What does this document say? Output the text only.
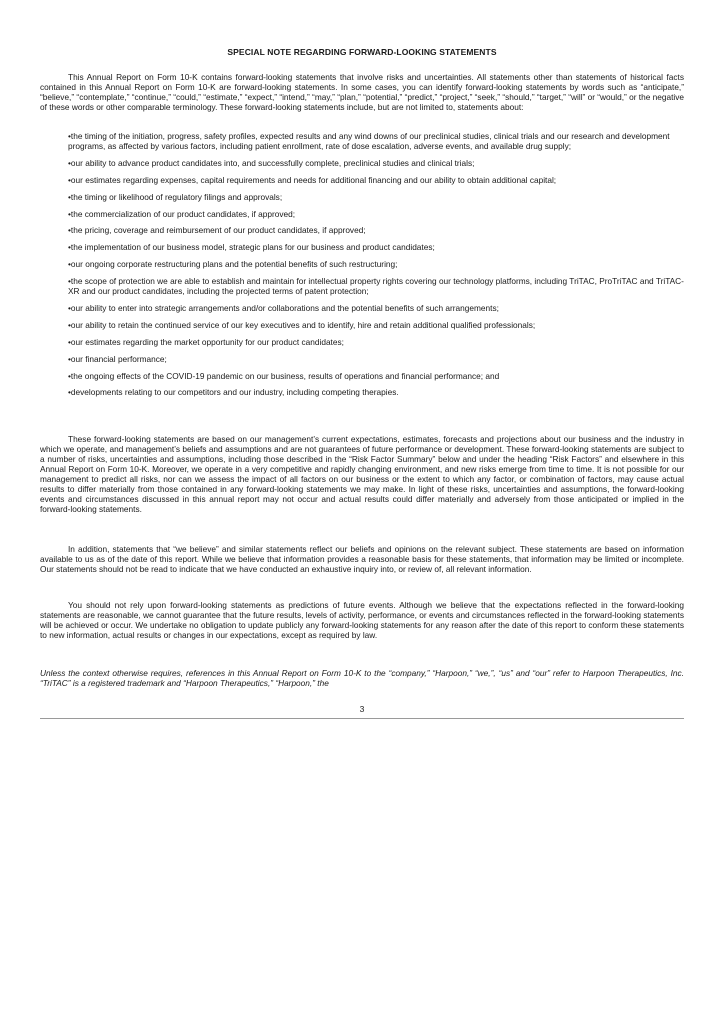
SPECIAL NOTE REGARDING FORWARD-LOOKING STATEMENTS

This Annual Report on Form 10-K contains forward-looking statements that involve risks and uncertainties. All statements other than statements of historical facts contained in this Annual Report on Form 10-K are forward-looking statements. In some cases, you can identify forward-looking statements by words such as “anticipate,” “believe,” “contemplate,” “continue,” “could,” “estimate,” “expect,” “intend,” “may,” “plan,” “potential,” “predict,” “project,” “seek,” “should,” “target,” “will” or “would,” or the negative of these words or other comparable terminology. These forward-looking statements include, but are not limited to, statements about:

•the timing of the initiation, progress, safety profiles, expected results and any wind downs of our preclinical studies, clinical trials and our research and development programs, as affected by various factors, including patient enrollment, rate of dose escalation, adverse events, and available drug supply;
•our ability to advance product candidates into, and successfully complete, preclinical studies and clinical trials;
•our estimates regarding expenses, capital requirements and needs for additional financing and our ability to obtain additional capital;
•the timing or likelihood of regulatory filings and approvals;
•the commercialization of our product candidates, if approved;
•the pricing, coverage and reimbursement of our product candidates, if approved;
•the implementation of our business model, strategic plans for our business and product candidates;
•our ongoing corporate restructuring plans and the potential benefits of such restructuring;
•the scope of protection we are able to establish and maintain for intellectual property rights covering our technology platforms, including TriTAC, ProTriTAC and TriTAC-XR and our product candidates, including the projected terms of patent protection;
•our ability to enter into strategic arrangements and/or collaborations and the potential benefits of such arrangements;
•our ability to retain the continued service of our key executives and to identify, hire and retain additional qualified professionals;
•our estimates regarding the market opportunity for our product candidates;
•our financial performance;
•the ongoing effects of the COVID-19 pandemic on our business, results of operations and financial performance; and
•developments relating to our competitors and our industry, including competing therapies.

These forward-looking statements are based on our management’s current expectations, estimates, forecasts and projections about our business and the industry in which we operate, and management’s beliefs and assumptions and are not guarantees of future performance or development. These forward-looking statements are subject to a number of risks, uncertainties and assumptions, including those described in the “Risk Factor Summary” below and under the heading “Risk Factors” and elsewhere in this Annual Report on Form 10-K. Moreover, we operate in a very competitive and rapidly changing environment, and new risks emerge from time to time. It is not possible for our management to predict all risks, nor can we assess the impact of all factors on our business or the extent to which any factor, or combination of factors, may cause actual results to differ materially from those contained in any forward-looking statements we may make. In light of these risks, uncertainties and assumptions, the forward-looking events and circumstances discussed in this annual report may not occur and actual results could differ materially and adversely from those anticipated or implied in the forward-looking statements.

In addition, statements that “we believe” and similar statements reflect our beliefs and opinions on the relevant subject. These statements are based on information available to us as of the date of this report. While we believe that information provides a reasonable basis for these statements, that information may be limited or incomplete. Our statements should not be read to indicate that we have conducted an exhaustive inquiry into, or review of, all relevant information.

You should not rely upon forward-looking statements as predictions of future events. Although we believe that the expectations reflected in the forward-looking statements are reasonable, we cannot guarantee that the future results, levels of activity, performance, or events and circumstances reflected in the forward-looking statements will be achieved or occur. We undertake no obligation to update publicly any forward-looking statements for any reason after the date of this report to conform these statements to new information, actual results or changes in our expectations, except as required by law.

Unless the context otherwise requires, references in this Annual Report on Form 10-K to the “company,” “Harpoon,” “we,”, “us” and “our” refer to Harpoon Therapeutics, Inc. “TriTAC” is a registered trademark and “Harpoon Therapeutics,” “Harpoon,” the

3
